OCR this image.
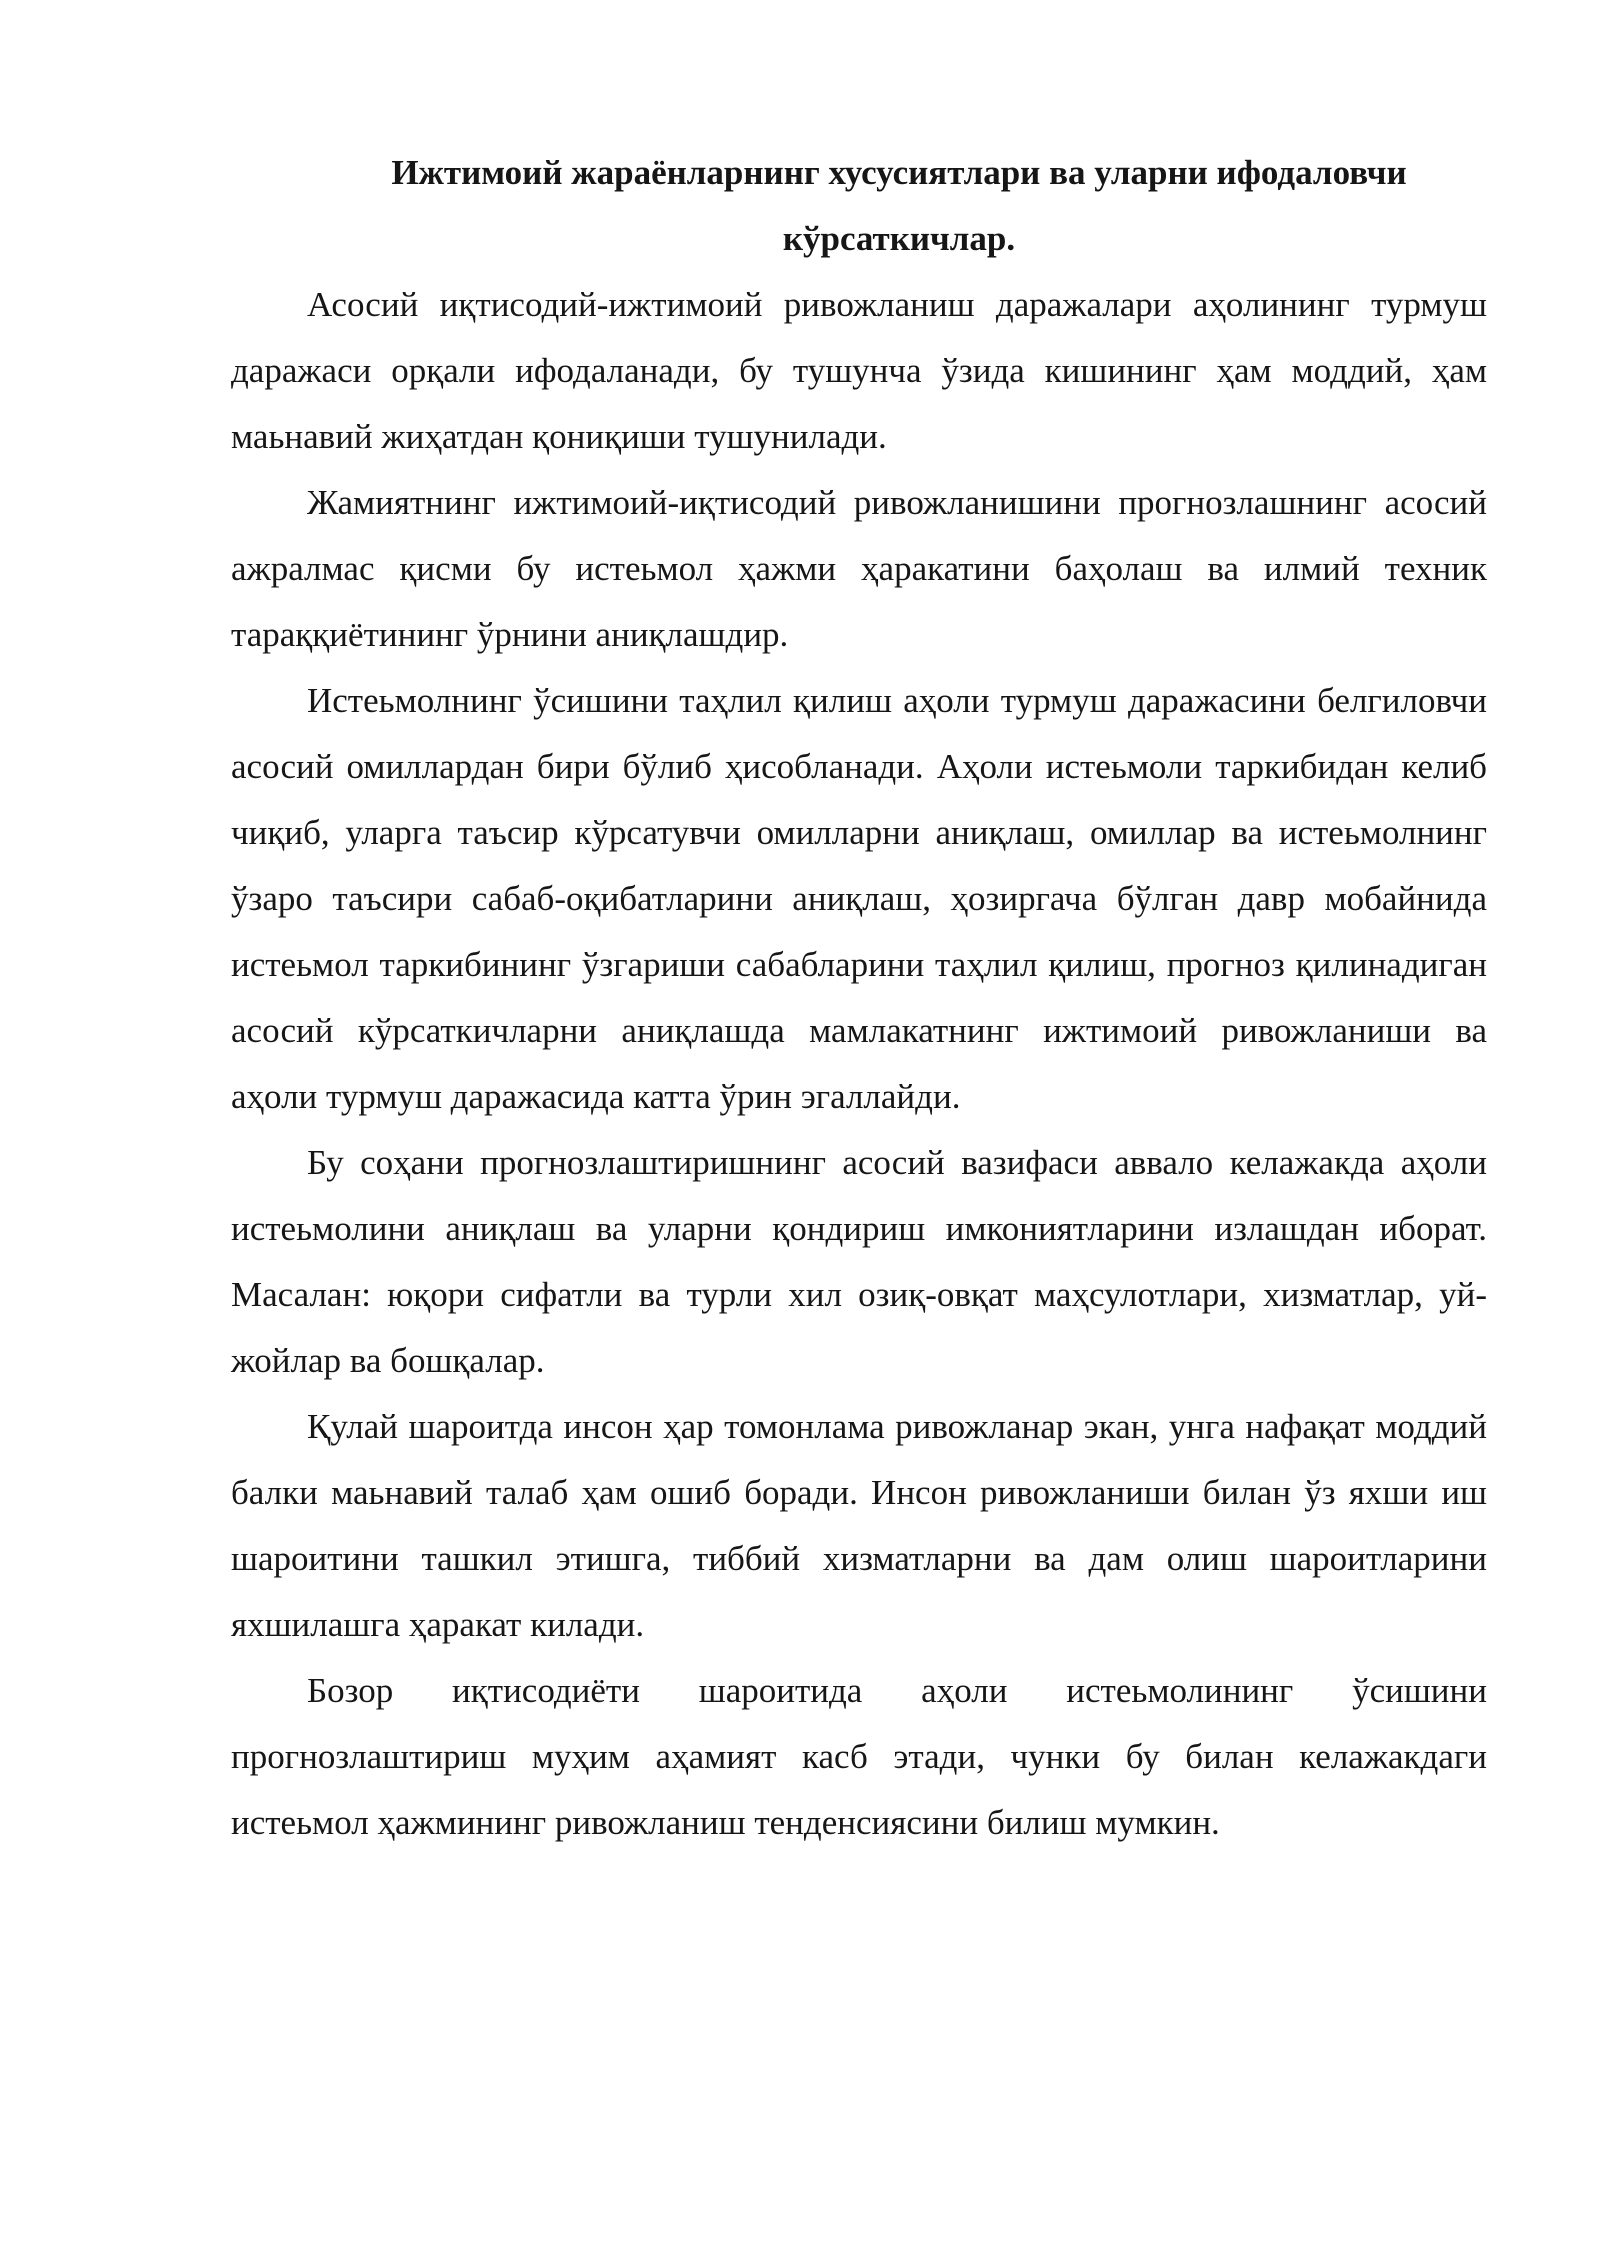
Ижтимоий жараёнларнинг хусусиятлари ва уларни ифодаловчи кўрсаткичлар.

Асосий иқтисодий-ижтимоий ривожланиш даражалари аҳолининг турмуш даражаси орқали ифодаланади, бу тушунча ўзида кишининг ҳам моддий, ҳам маьнавий жиҳатдан қониқиши тушунилади.

Жамиятнинг ижтимоий-иқтисодий ривожланишини прогнозлашнинг асосий ажралмас қисми бу истеьмол ҳажми ҳаракатини баҳолаш ва илмий техник тараққиётининг ўрнини аниқлашдир.

Истеьмолнинг ўсишини таҳлил қилиш аҳоли турмуш даражасини белгиловчи асосий омиллардан бири бўлиб ҳисобланади. Аҳоли истеьмоли таркибидан келиб чиқиб, уларга таъсир кўрсатувчи омилларни аниқлаш, омиллар ва истеьмолнинг ўзаро таъсири сабаб-оқибатларини аниқлаш, ҳозиргача бўлган давр мобайнида истеьмол таркибининг ўзгариши сабабларини таҳлил қилиш, прогноз қилинадиган асосий кўрсаткичларни аниқлашда мамлакатнинг ижтимоий ривожланиши ва аҳоли турмуш даражасида катта ўрин эгаллайди.

Бу соҳани прогнозлаштиришнинг асосий вазифаси аввало келажакда аҳоли истеьмолини аниқлаш ва уларни қондириш имкониятларини излашдан иборат. Масалан: юқори сифатли ва турли хил озиқ-овқат маҳсулотлари, хизматлар, уй-жойлар ва бошқалар.

Қулай шароитда инсон ҳар томонлама ривожланар экан, унга нафақат моддий балки маьнавий талаб ҳам ошиб боради. Инсон ривожланиши билан ўз яхши иш шароитини ташкил этишга, тиббий хизматларни ва дам олиш шароитларини яхшилашга ҳаракат килади.

Бозор иқтисодиёти шароитида аҳоли истеьмолининг ўсишини прогнозлаштириш муҳим аҳамият касб этади, чунки бу билан келажакдаги истеьмол ҳажмининг ривожланиш тенденсиясини билиш мумкин.
